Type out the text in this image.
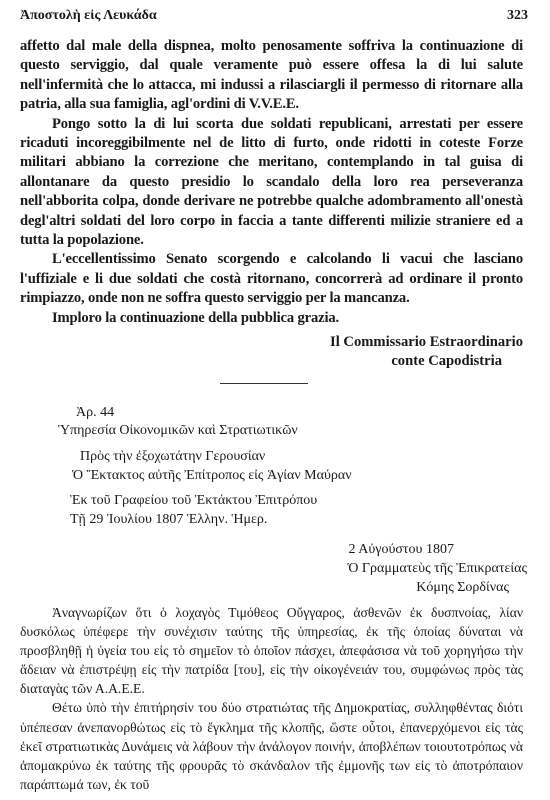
Ἀποστολὴ εἰς Λευκάδα	323

affetto dal male della dispnea, molto penosamente soffriva la continuazione di questo serviggio, dal quale veramente può essere offesa la di lui salute nell'infermità che lo attacca, mi indussi a rilasciargli il permesso di ritornare alla patria, alla sua famiglia, agl'ordini di V.V.E.E.

Pongo sotto la di lui scorta due soldati republicani, arrestati per essere ricaduti incoreggibilmente nel de litto di furto, onde ridotti in coteste Forze militari abbiano la correzione che meritano, contemplando in tal guisa di allontanare da questo presidio lo scandalo della loro rea perseveranza nell'abborita colpa, donde derivare ne potrebbe qualche adombramento all'onestà degl'altri soldati del loro corpo in faccia a tante differenti milizie straniere ed a tutta la popolazione.

L'eccellentissimo Senato scorgendo e calcolando li vacui che lasciano l'uffiziale e li due soldati che costà ritornano, concorrerà ad ordinare il pronto rimpiazzo, onde non ne soffra questo serviggio per la mancanza.

Imploro la continuazione della pubblica grazia.

Il Commissario Estraordinario
conte Capodistria
Ἀρ. 44
Ὑπηρεσία Οἰκονομικῶν καὶ Στρατιωτικῶν
Πρὸς τὴν ἐξοχωτάτην Γερουσίαν
Ὁ Ἔκτακτος αὐτῆς Ἐπίτροπος εἰς Ἁγίαν Μαύραν
Ἐκ τοῦ Γραφείου τοῦ Ἐκτάκτου Ἐπιτρόπου
Τῇ 29 Ἰουλίου 1807 Ἑλλην. Ἡμερ.
2 Αὐγούστου 1807
Ὁ Γραμματεὺς τῆς Ἐπικρατείας
Κόμης Σορδίνας

Ἀναγνωρίζων ὅτι ὁ λοχαγὸς Τιμόθεος Οὔγγαρος, ἀσθενῶν ἐκ δυσπνοίας, λίαν δυσκόλως ὑπέφερε τὴν συνέχισιν ταύτης τῆς ὑπηρεσίας, ἐκ τῆς ὁποίας δύναται νὰ προσβληθῇ ἡ ὑγεία του εἰς τὸ σημεῖον τὸ ὁποῖον πάσχει, ἀπεφάσισα νὰ τοῦ χορηγήσω τὴν ἄδειαν νὰ ἐπιστρέψῃ εἰς τὴν πατρίδα [του], εἰς τὴν οἰκογένειάν του, συμφώνως πρὸς τὰς διαταγὰς τῶν Α.Α.Ε.Ε.

Θέτω ὑπὸ τὴν ἐπιτήρησίν του δύο στρατιώτας τῆς Δημοκρατίας, συλληφθέντας διότι ὑπέπεσαν ἀνεπανορθώτως εἰς τὸ ἔγκλημα τῆς κλοπῆς, ὥστε οὗτοι, ἐπανερχόμενοι εἰς τὰς ἐκεῖ στρατιωτικὰς Δυνάμεις νὰ λάβουν τὴν ἀνάλογον ποινήν, ἀποβλέπων τοιουτοτρόπως νὰ ἀπομακρύνω ἐκ ταύτης τῆς φρουρᾶς τὸ σκάνδαλον τῆς ἐμμονῆς των εἰς τὸ ἀποτρόπαιον παράπτωμά των, ἐκ τοῦ
